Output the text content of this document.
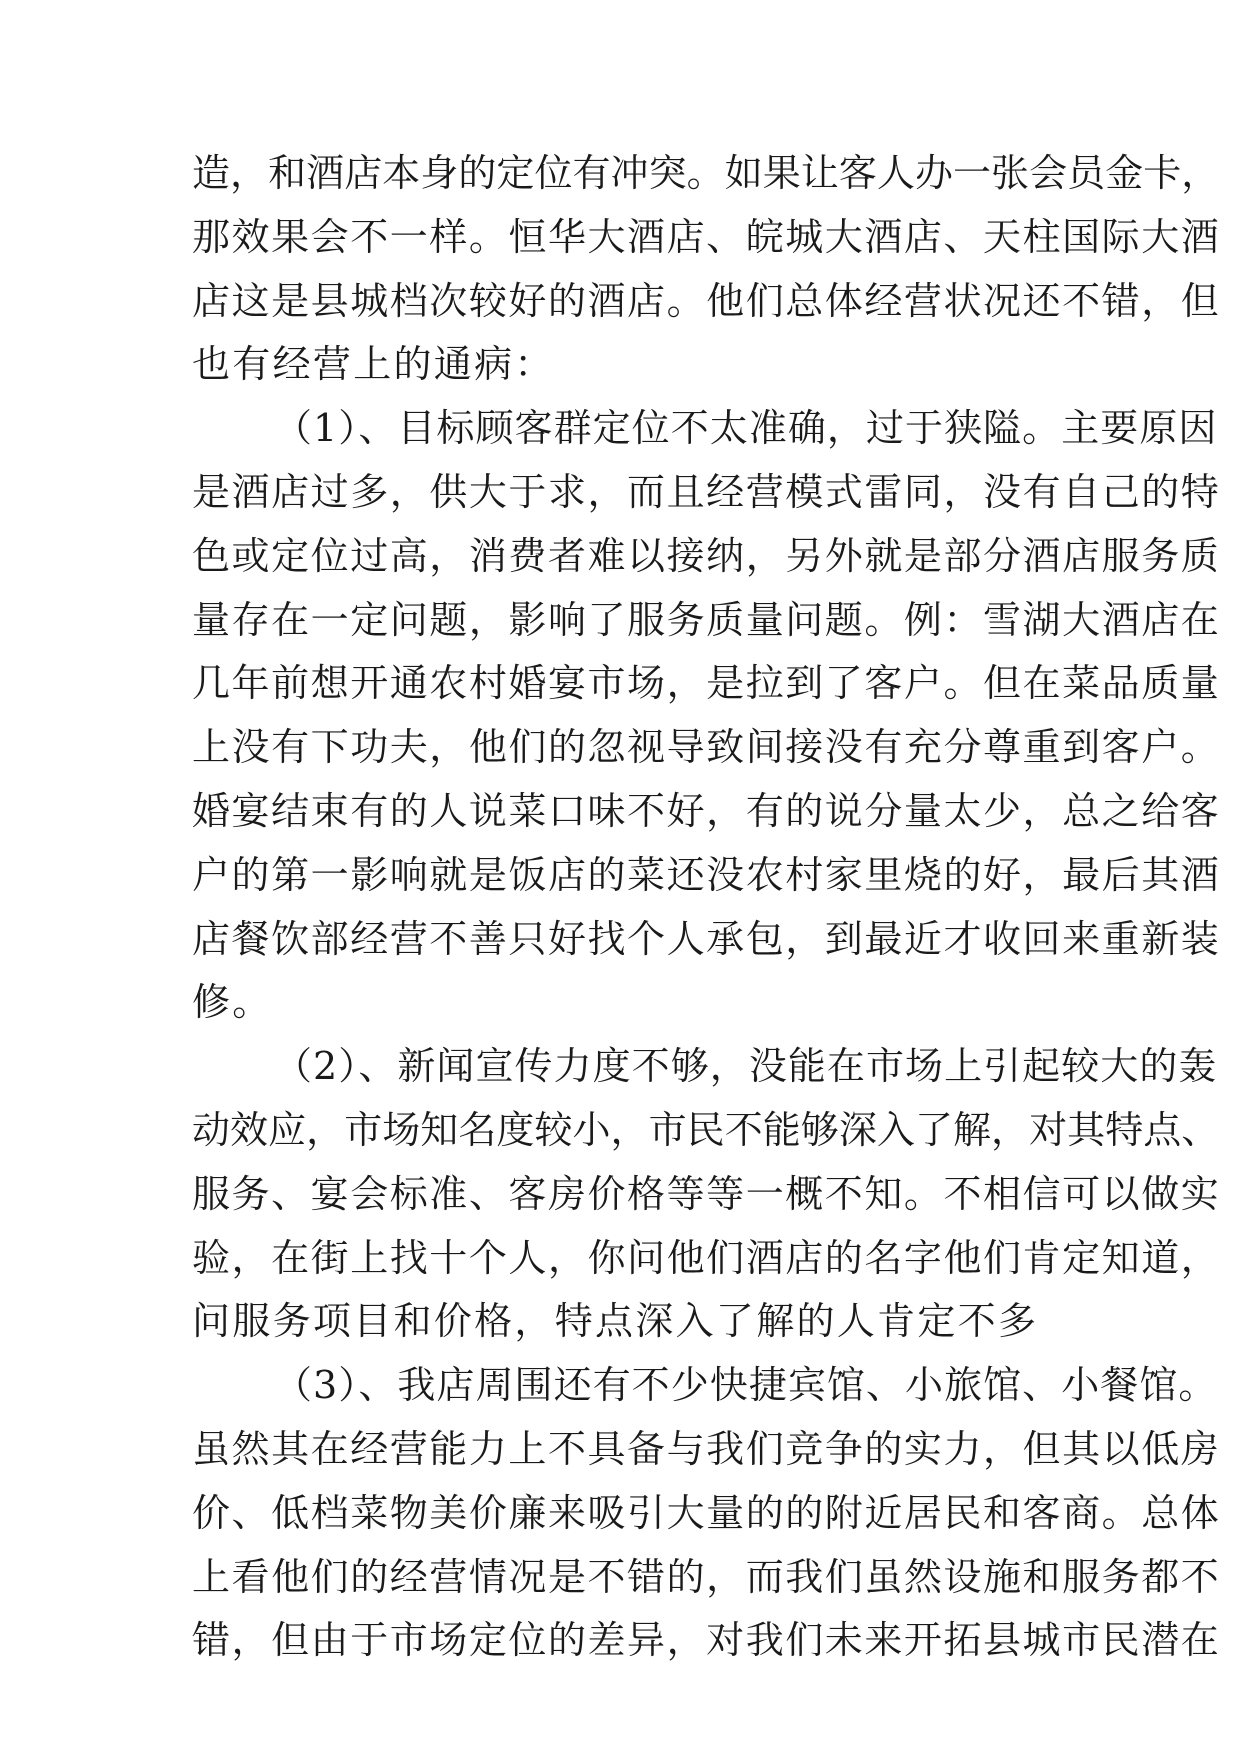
造，和酒店本身的定位有冲突。如果让客人办一张会员金卡，
那效果会不一样。恒华大酒店、皖城大酒店、天柱国际大酒
店这是县城档次较好的酒店。他们总体经营状况还不错，但
也有经营上的通病：
（1）、目标顾客群定位不太准确，过于狭隘。主要原因
是酒店过多，供大于求，而且经营模式雷同，没有自己的特
色或定位过高，消费者难以接纳，另外就是部分酒店服务质
量存在一定问题，影响了服务质量问题。例：雪湖大酒店在
几年前想开通农村婚宴市场，是拉到了客户。但在菜品质量
上没有下功夫，他们的忽视导致间接没有充分尊重到客户。
婚宴结束有的人说菜口味不好，有的说分量太少，总之给客
户的第一影响就是饭店的菜还没农村家里烧的好，最后其酒
店餐饮部经营不善只好找个人承包，到最近才收回来重新装
修。
（2）、新闻宣传力度不够，没能在市场上引起较大的轰
动效应，市场知名度较小，市民不能够深入了解，对其特点、
服务、宴会标准、客房价格等等一概不知。不相信可以做实
验，在街上找十个人，你问他们酒店的名字他们肯定知道，
问服务项目和价格，特点深入了解的人肯定不多
（3）、我店周围还有不少快捷宾馆、小旅馆、小餐馆。
虽然其在经营能力上不具备与我们竞争的实力，但其以低房
价、低档菜物美价廉来吸引大量的的附近居民和客商。总体
上看他们的经营情况是不错的，而我们虽然设施和服务都不
错，但由于市场定位的差异，对我们未来开拓县城市民潜在
